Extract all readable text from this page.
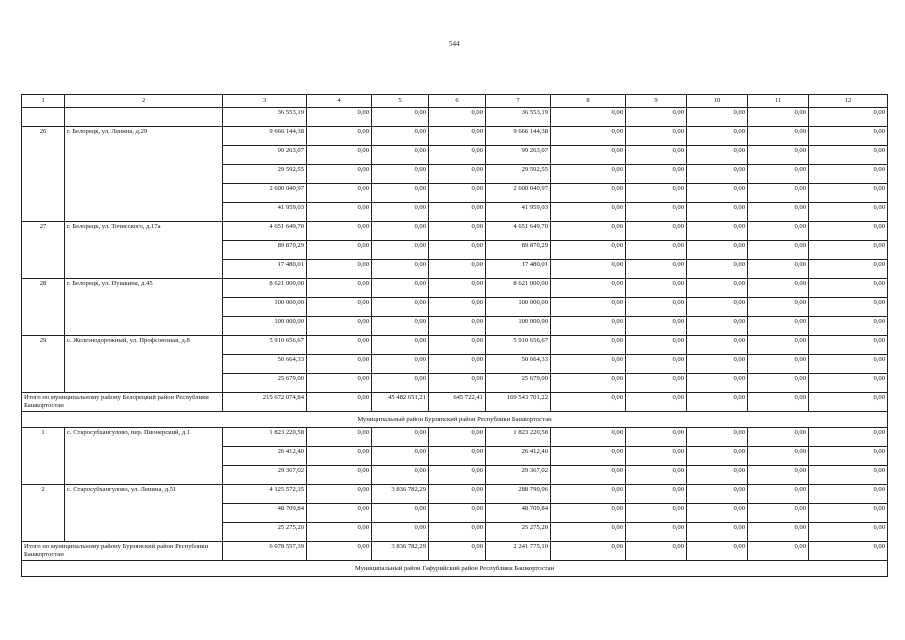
544
1	2	3	4	5	6	7	8	9	10	11	12
		36 553,19	0,00	0,00	0,00	36 553,19	0,00	0,00	0,00	0,00	0,00
26	г. Белорецк, ул. Ленина, д.29	9 666 144,38	0,00	0,00	0,00	9 666 144,38	0,00	0,00	0,00	0,00	0,00
		99 263,07	0,00	0,00	0,00	99 263,07	0,00	0,00	0,00	0,00	0,00
		29 592,55	0,00	0,00	0,00	29 592,55	0,00	0,00	0,00	0,00	0,00
		2 600 040,97	0,00	0,00	0,00	2 600 040,97	0,00	0,00	0,00	0,00	0,00
		41 959,03	0,00	0,00	0,00	41 959,03	0,00	0,00	0,00	0,00	0,00
27	г. Белорецк, ул. Точисского, д.17а	4 651 649,70	0,00	0,00	0,00	4 651 649,70	0,00	0,00	0,00	0,00	0,00
		89 870,29	0,00	0,00	0,00	89 870,29	0,00	0,00	0,00	0,00	0,00
		17 480,01	0,00	0,00	0,00	17 480,01	0,00	0,00	0,00	0,00	0,00
28	г. Белорецк, ул. Пушкина, д.45	8 621 000,00	0,00	0,00	0,00	8 621 000,00	0,00	0,00	0,00	0,00	0,00
		100 000,00	0,00	0,00	0,00	100 000,00	0,00	0,00	0,00	0,00	0,00
		100 000,00	0,00	0,00	0,00	100 000,00	0,00	0,00	0,00	0,00	0,00
29	с. Железнодорожный, ул. Профсоюзная, д.8	5 910 656,67	0,00	0,00	0,00	5 910 656,67	0,00	0,00	0,00	0,00	0,00
		50 664,33	0,00	0,00	0,00	50 664,33	0,00	0,00	0,00	0,00	0,00
		25 679,00	0,00	0,00	0,00	25 679,00	0,00	0,00	0,00	0,00	0,00
Итого по муниципальному району Белорецкий район Республики Башкортостан		215 672 074,84	0,00	45 482 651,21	645 722,41	169 543 701,22	0,00	0,00	0,00	0,00	0,00
Муниципальный район Бурзянский район Республики Башкортостан											
1	с. Старосубхангулово, пер. Пионерский, д.1	1 823 220,58	0,00	0,00	0,00	1 823 220,58	0,00	0,00	0,00	0,00	0,00
		26 412,40	0,00	0,00	0,00	26 412,40	0,00	0,00	0,00	0,00	0,00
		29 367,02	0,00	0,00	0,00	29 367,02	0,00	0,00	0,00	0,00	0,00
2	с. Старосубхангулово, ул. Ленина, д.51	4 125 572,35	0,00	3 836 782,29	0,00	288 790,06	0,00	0,00	0,00	0,00	0,00
		48 709,84	0,00	0,00	0,00	48 709,84	0,00	0,00	0,00	0,00	0,00
		25 275,20	0,00	0,00	0,00	25 275,20	0,00	0,00	0,00	0,00	0,00
Итого по муниципальному району Бурзянский район Республики Башкортостан		6 078 557,39	0,00	3 836 782,29	0,00	2 241 775,10	0,00	0,00	0,00	0,00	0,00
Муниципальный район Гафурийский район Республики Башкортостан											
